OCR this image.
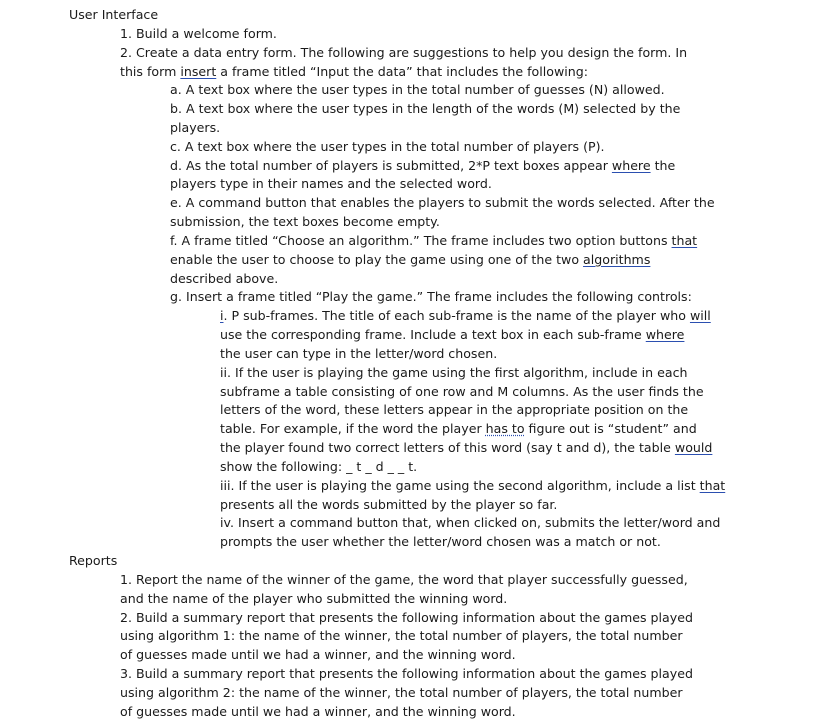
User Interface

1. Build a welcome form.

2. Create a data entry form. The following are suggestions to help you design the form. In

this form insert a frame titled “Input the data” that includes the following:

a. A text box where the user types in the total number of guesses (N) allowed.

b. A text box where the user types in the length of the words (M) selected by the

players.

c. A text box where the user types in the total number of players (P).

d. As the total number of players is submitted, 2*P text boxes appear where the

players type in their names and the selected word.

e. A command button that enables the players to submit the words selected. After the

submission, the text boxes become empty.

f. A frame titled “Choose an algorithm.” The frame includes two option buttons that

enable the user to choose to play the game using one of the two algorithms

described above.

g. Insert a frame titled “Play the game.” The frame includes the following controls:

i. P sub-frames. The title of each sub-frame is the name of the player who will

use the corresponding frame. Include a text box in each sub-frame where

the user can type in the letter/word chosen.

ii. If the user is playing the game using the first algorithm, include in each

subframe a table consisting of one row and M columns. As the user finds the

letters of the word, these letters appear in the appropriate position on the

table. For example, if the word the player has to figure out is “student” and

the player found two correct letters of this word (say t and d), the table would

show the following: _ t _ d _ _ t.

iii. If the user is playing the game using the second algorithm, include a list that

presents all the words submitted by the player so far.

iv. Insert a command button that, when clicked on, submits the letter/word and

prompts the user whether the letter/word chosen was a match or not.

Reports

1. Report the name of the winner of the game, the word that player successfully guessed,

and the name of the player who submitted the winning word.

2. Build a summary report that presents the following information about the games played

using algorithm 1: the name of the winner, the total number of players, the total number

of guesses made until we had a winner, and the winning word.

3. Build a summary report that presents the following information about the games played

using algorithm 2: the name of the winner, the total number of players, the total number

of guesses made until we had a winner, and the winning word.
